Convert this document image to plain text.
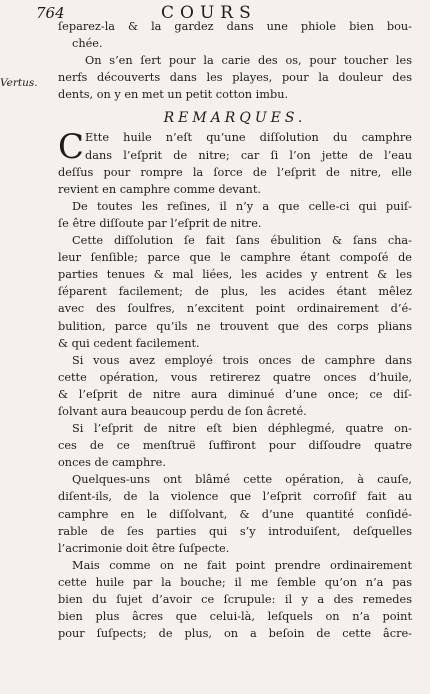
764	COURS
Vertus.
ſeparez-la & la gardez dans une phiole bien bou-
chée.
On s’en ſert pour la carie des os, pour toucher les
nerfs découverts dans les playes, pour la douleur des
dents, on y en met un petit cotton imbu.
REMARQUES.
C Ette huile n’eſt qu’une diſſolution du camphre
dans l’eſprit de nitre; car ſi l’on jette de l’eau
deſſus pour rompre la ſorce de l’eſprit de nitre, elle
revient en camphre comme devant.
De toutes les reſines, il n’y a que celle-ci qui puiſ-
ſe être diſſoute par l’eſprit de nitre.
Cette diſſolution ſe fait ſans ébulition & ſans cha-
leur ſenſible; parce que le camphre étant compoſé de
parties tenues & mal liées, les acides y entrent & les
ſéparent facilement; de plus, les acides étant mêlez
avec des ſoulfres, n’excitent point ordinairement d’é-
bulition, parce qu’ils ne trouvent que des corps plians
& qui cedent facilement.
Si vous avez employé trois onces de camphre dans
cette opération, vous retirerez quatre onces d’huile,
& l’eſprit de nitre aura diminué d’une once; ce diſ-
ſolvant aura beaucoup perdu de ſon âcreté.
Si l’eſprit de nitre eſt bien déphlegmé, quatre on-
ces de ce menſtruë ſuffiront pour diſſoudre quatre
onces de camphre.
Quelques-uns ont blâmé cette opération, à cauſe,
diſent-ils, de la violence que l’eſprit corroſif fait au
camphre en le diſſolvant, & d’une quantité conſidé-
rable de ſes parties qui s’y introduiſent, deſquelles
l’acrimonie doit être ſuſpecte.
Mais comme on ne fait point prendre ordinairement
cette huile par la bouche; il me ſemble qu’on n’a pas
bien du ſujet d’avoir ce ſcrupule: il y a des remedes
bien plus âcres que celui-là, leſquels on n’a point
pour ſuſpects; de plus, on a beſoin de cette âcre-
